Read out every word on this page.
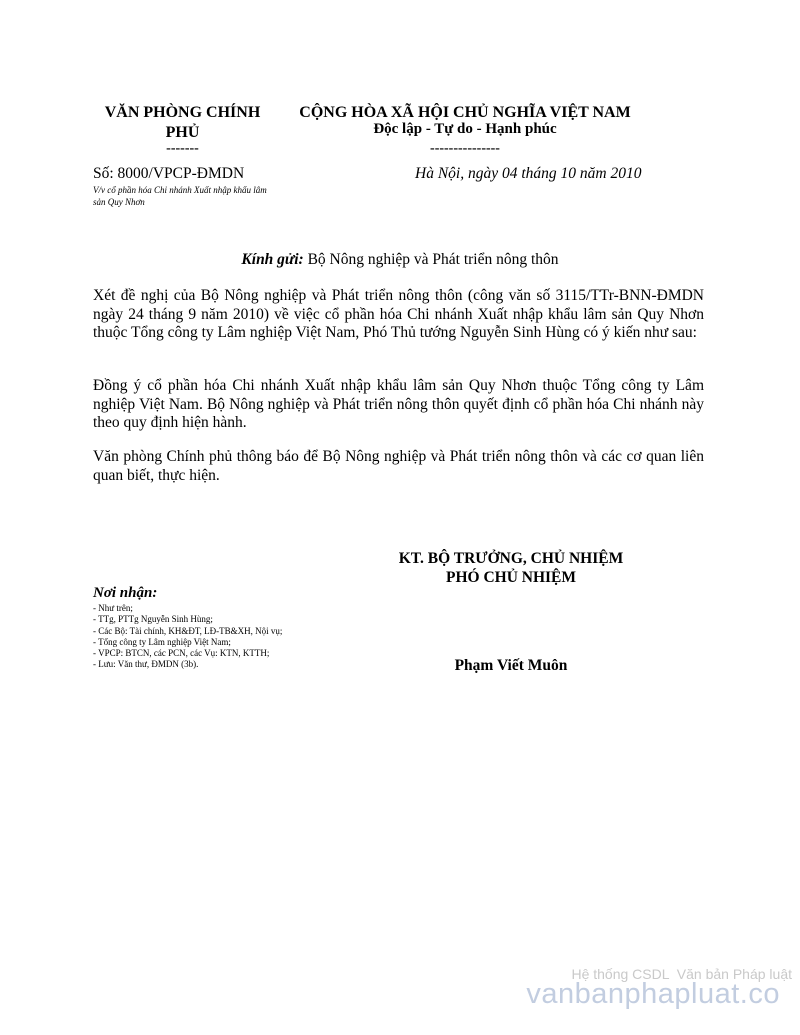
VĂN PHÒNG CHÍNH PHỦ
-------
CỘNG HÒA XÃ HỘI CHỦ NGHĨA VIỆT NAM
Độc lập - Tự do - Hạnh phúc
---------------
Số: 8000/VPCP-ĐMDN
V/v cổ phần hóa Chi nhánh Xuất nhập khẩu lâm sản Quy Nhơn
Hà Nội, ngày 04 tháng 10 năm 2010
Kính gửi: Bộ Nông nghiệp và Phát triển nông thôn
Xét đề nghị của Bộ Nông nghiệp và Phát triển nông thôn (công văn số 3115/TTr-BNN-ĐMDN ngày 24 tháng 9 năm 2010) về việc cổ phần hóa Chi nhánh Xuất nhập khẩu lâm sản Quy Nhơn thuộc Tổng công ty Lâm nghiệp Việt Nam, Phó Thủ tướng Nguyễn Sinh Hùng có ý kiến như sau:
Đồng ý cổ phần hóa Chi nhánh Xuất nhập khẩu lâm sản Quy Nhơn thuộc Tổng công ty Lâm nghiệp Việt Nam. Bộ Nông nghiệp và Phát triển nông thôn quyết định cổ phần hóa Chi nhánh này theo quy định hiện hành.
Văn phòng Chính phủ thông báo để Bộ Nông nghiệp và Phát triển nông thôn và các cơ quan liên quan biết, thực hiện.
KT. BỘ TRƯỞNG, CHỦ NHIỆM
PHÓ CHỦ NHIỆM
Phạm Viết Muôn
Nơi nhận:
- Như trên;
- TTg, PTTg Nguyễn Sinh Hùng;
- Các Bộ: Tài chính, KH&ĐT, LĐ-TB&XH, Nội vụ;
- Tổng công ty Lâm nghiệp Việt Nam;
- VPCP: BTCN, các PCN, các Vụ: KTN, KTTH;
- Lưu: Văn thư, ĐMDN (3b).
Hệ thống CSDL  Văn bản Pháp luật
vanbanphapluat.co
